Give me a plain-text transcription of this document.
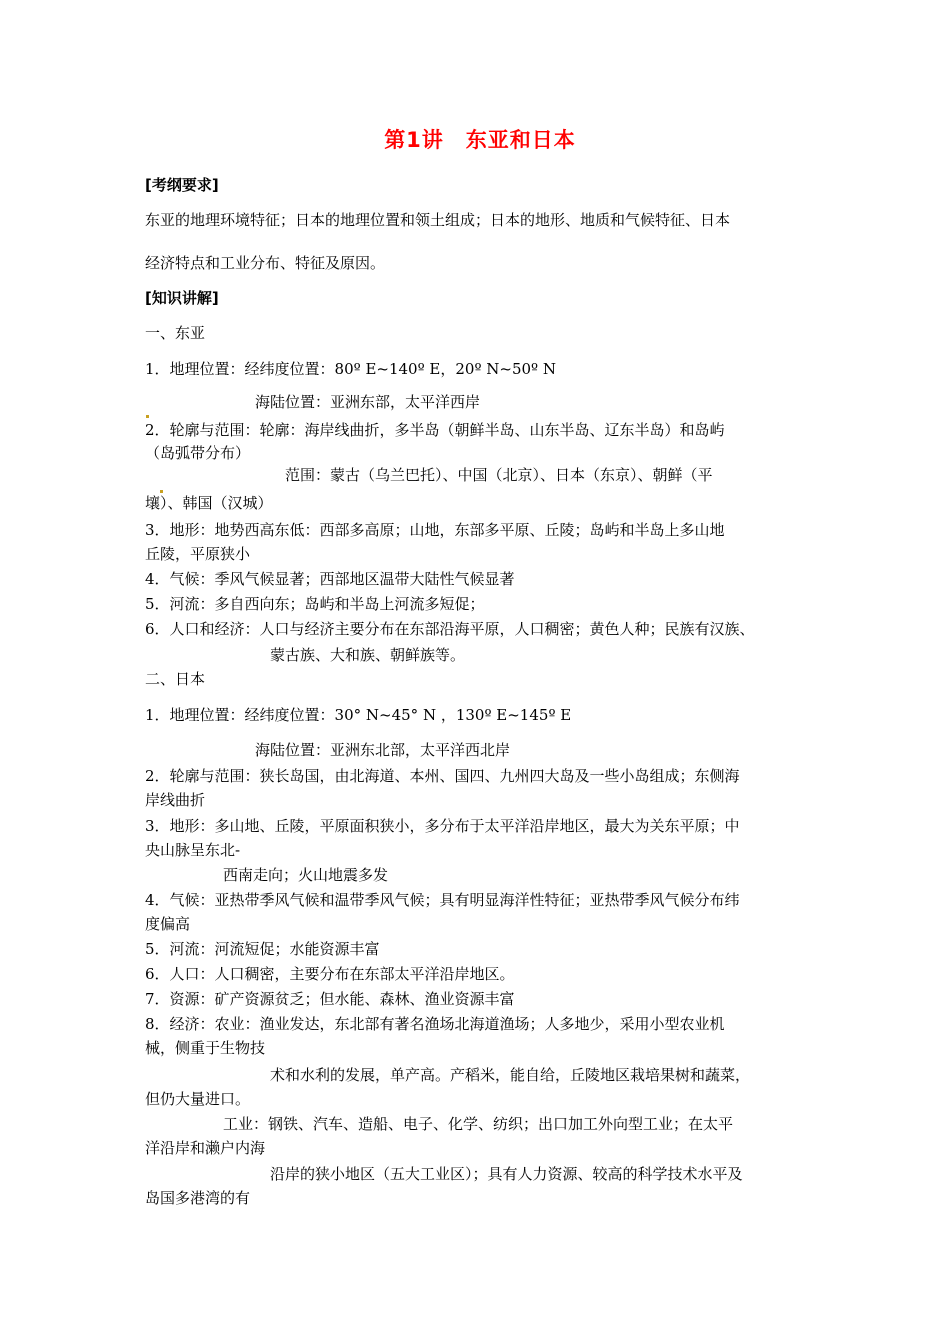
第1讲　东亚和日本
[考纲要求]
东亚的地理环境特征；日本的地理位置和领土组成；日本的地形、地质和气候特征、日本
经济特点和工业分布、特征及原因。
[知识讲解]
一、东亚
1．地理位置：经纬度位置：80º E~140º E，20º N~50º N
海陆位置：亚洲东部，太平洋西岸
2．轮廓与范围：轮廓：海岸线曲折，多半岛（朝鲜半岛、山东半岛、辽东半岛）和岛屿
（岛弧带分布）
范围：蒙古（乌兰巴托）、中国（北京）、日本（东京）、朝鲜（平
壤）、韩国（汉城）
3．地形：地势西高东低：西部多高原；山地，东部多平原、丘陵；岛屿和半岛上多山地
丘陵，平原狭小
4．气候：季风气候显著；西部地区温带大陆性气候显著
5．河流：多自西向东；岛屿和半岛上河流多短促；
6．人口和经济：人口与经济主要分布在东部沿海平原，人口稠密；黄色人种；民族有汉族、
蒙古族、大和族、朝鲜族等。
二、日本
1．地理位置：经纬度位置：30° N~45° N ，130º E~145º E
海陆位置：亚洲东北部，太平洋西北岸
2．轮廓与范围：狭长岛国，由北海道、本州、国四、九州四大岛及一些小岛组成；东侧海
岸线曲折
3．地形：多山地、丘陵，平原面积狭小，多分布于太平洋沿岸地区，最大为关东平原；中
央山脉呈东北-
西南走向；火山地震多发
4．气候：亚热带季风气候和温带季风气候；具有明显海洋性特征；亚热带季风气候分布纬
度偏高
5．河流：河流短促；水能资源丰富
6．人口：人口稠密，主要分布在东部太平洋沿岸地区。
7．资源：矿产资源贫乏；但水能、森林、渔业资源丰富
8．经济：农业：渔业发达，东北部有著名渔场北海道渔场；人多地少，采用小型农业机
械，侧重于生物技
术和水利的发展，单产高。产稻米，能自给，丘陵地区栽培果树和蔬菜，
但仍大量进口。
工业：钢铁、汽车、造船、电子、化学、纺织；出口加工外向型工业；在太平
洋沿岸和濑户内海
沿岸的狭小地区（五大工业区）；具有人力资源、较高的科学技术水平及
岛国多港湾的有
